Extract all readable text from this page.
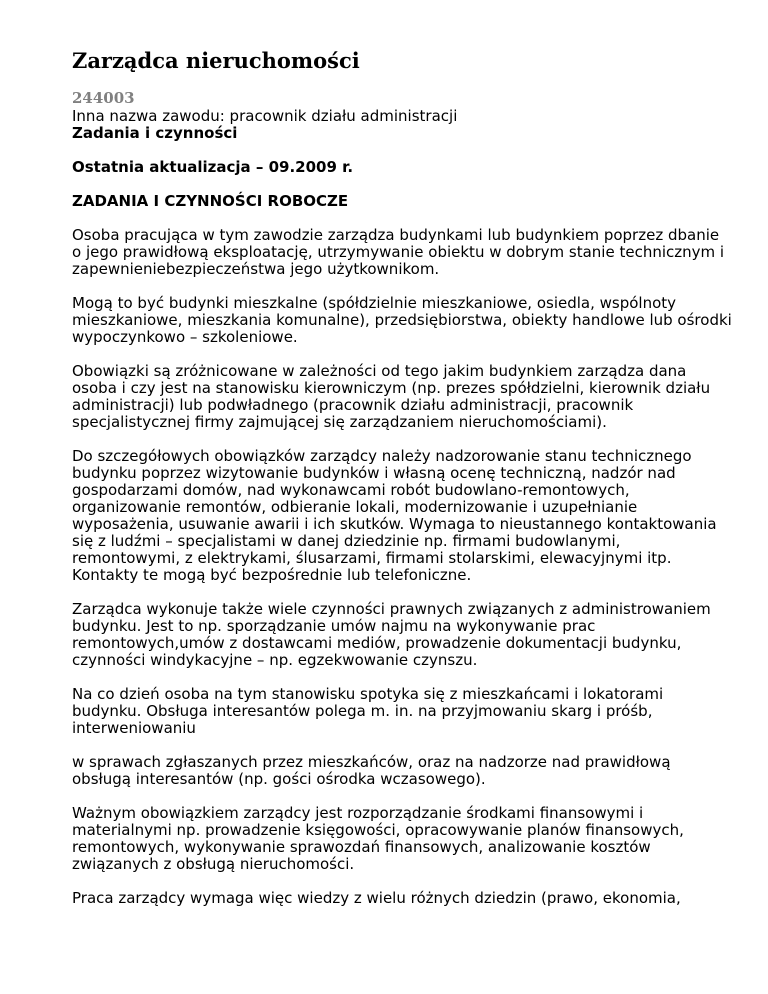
Zarządca nieruchomości
244003
Inna nazwa zawodu: pracownik działu administracji
Zadania i czynności
Ostatnia aktualizacja – 09.2009 r.
ZADANIA I CZYNNOŚCI ROBOCZE

Osoba pracująca w tym zawodzie zarządza budynkami lub budynkiem poprzez dbanie o jego prawidłową eksploatację, utrzymywanie obiektu w dobrym stanie technicznym i zapewnieniebezpieczeństwa jego użytkownikom.

Mogą to być budynki mieszkalne (spółdzielnie mieszkaniowe, osiedla, wspólnoty mieszkaniowe, mieszkania komunalne), przedsiębiorstwa, obiekty handlowe lub ośrodki wypoczynkowo – szkoleniowe.

Obowiązki są zróżnicowane w zależności od tego jakim budynkiem zarządza dana osoba i czy jest na stanowisku kierowniczym (np. prezes spółdzielni, kierownik działu administracji) lub podwładnego (pracownik działu administracji, pracownik specjalistycznej firmy zajmującej się zarządzaniem nieruchomościami).

Do szczegółowych obowiązków zarządcy należy nadzorowanie stanu technicznego budynku poprzez wizytowanie budynków i własną ocenę techniczną, nadzór nad gospodarzami domów, nad wykonawcami robót budowlano-remontowych, organizowanie remontów, odbieranie lokali, modernizowanie i uzupełnianie wyposażenia, usuwanie awarii i ich skutków. Wymaga to nieustannego kontaktowania się z ludźmi – specjalistami w danej dziedzinie np. firmami budowlanymi, remontowymi, z elektrykami, ślusarzami, firmami stolarskimi, elewacyjnymi itp. Kontakty te mogą być bezpośrednie lub telefoniczne.

Zarządca wykonuje także wiele czynności prawnych związanych z administrowaniem budynku. Jest to np. sporządzanie umów najmu na wykonywanie prac remontowych,umów z dostawcami mediów, prowadzenie dokumentacji budynku, czynności windykacyjne – np. egzekwowanie czynszu.

Na co dzień osoba na tym stanowisku spotyka się z mieszkańcami i lokatorami budynku. Obsługa interesantów polega m. in. na przyjmowaniu skarg i próśb, interweniowaniu

w sprawach zgłaszanych przez mieszkańców, oraz na nadzorze nad prawidłową obsługą interesantów (np. gości ośrodka wczasowego).

Ważnym obowiązkiem zarządcy jest rozporządzanie środkami finansowymi i materialnymi np. prowadzenie księgowości, opracowywanie planów finansowych, remontowych, wykonywanie sprawozdań finansowych, analizowanie kosztów związanych z obsługą nieruchomości.

Praca zarządcy wymaga więc wiedzy z wielu różnych dziedzin (prawo, ekonomia,
